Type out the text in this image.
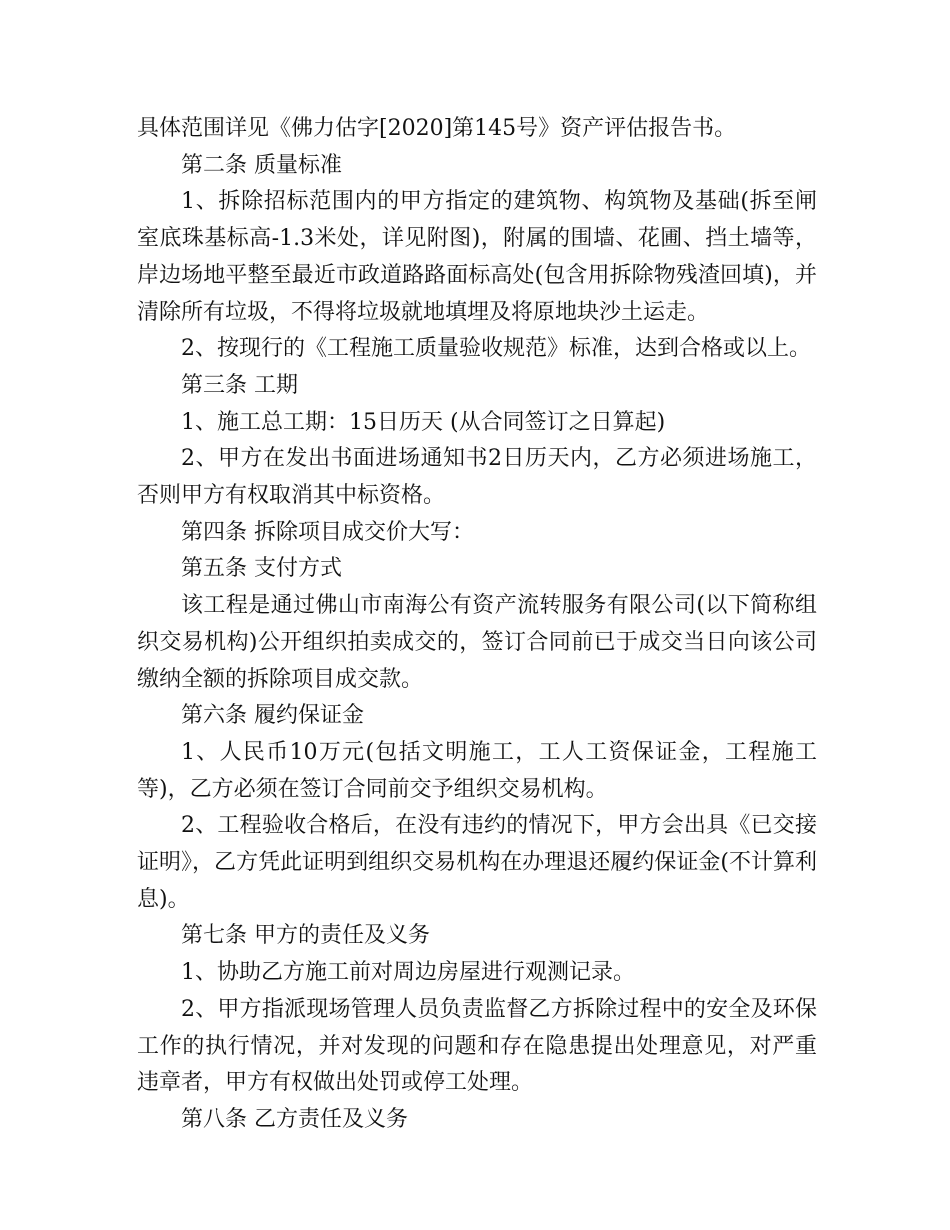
具体范围详见《佛力估字[2020]第145号》资产评估报告书。

第二条 质量标准

1、拆除招标范围内的甲方指定的建筑物、构筑物及基础(拆至闸室底珠基标高-1.3米处，详见附图)，附属的围墙、花圃、挡土墙等，岸边场地平整至最近市政道路路面标高处(包含用拆除物残渣回填)，并清除所有垃圾，不得将垃圾就地填埋及将原地块沙土运走。

2、按现行的《工程施工质量验收规范》标准，达到合格或以上。

第三条 工期

1、施工总工期：15日历天 (从合同签订之日算起)

2、甲方在发出书面进场通知书2日历天内，乙方必须进场施工，否则甲方有权取消其中标资格。

第四条 拆除项目成交价大写：

第五条 支付方式

该工程是通过佛山市南海公有资产流转服务有限公司(以下简称组织交易机构)公开组织拍卖成交的，签订合同前已于成交当日向该公司缴纳全额的拆除项目成交款。

第六条 履约保证金

1、人民币10万元(包括文明施工，工人工资保证金，工程施工等)，乙方必须在签订合同前交予组织交易机构。

2、工程验收合格后，在没有违约的情况下，甲方会出具《已交接证明》，乙方凭此证明到组织交易机构在办理退还履约保证金(不计算利息)。

第七条 甲方的责任及义务

1、协助乙方施工前对周边房屋进行观测记录。

2、甲方指派现场管理人员负责监督乙方拆除过程中的安全及环保工作的执行情况，并对发现的问题和存在隐患提出处理意见，对严重违章者，甲方有权做出处罚或停工处理。

第八条 乙方责任及义务
